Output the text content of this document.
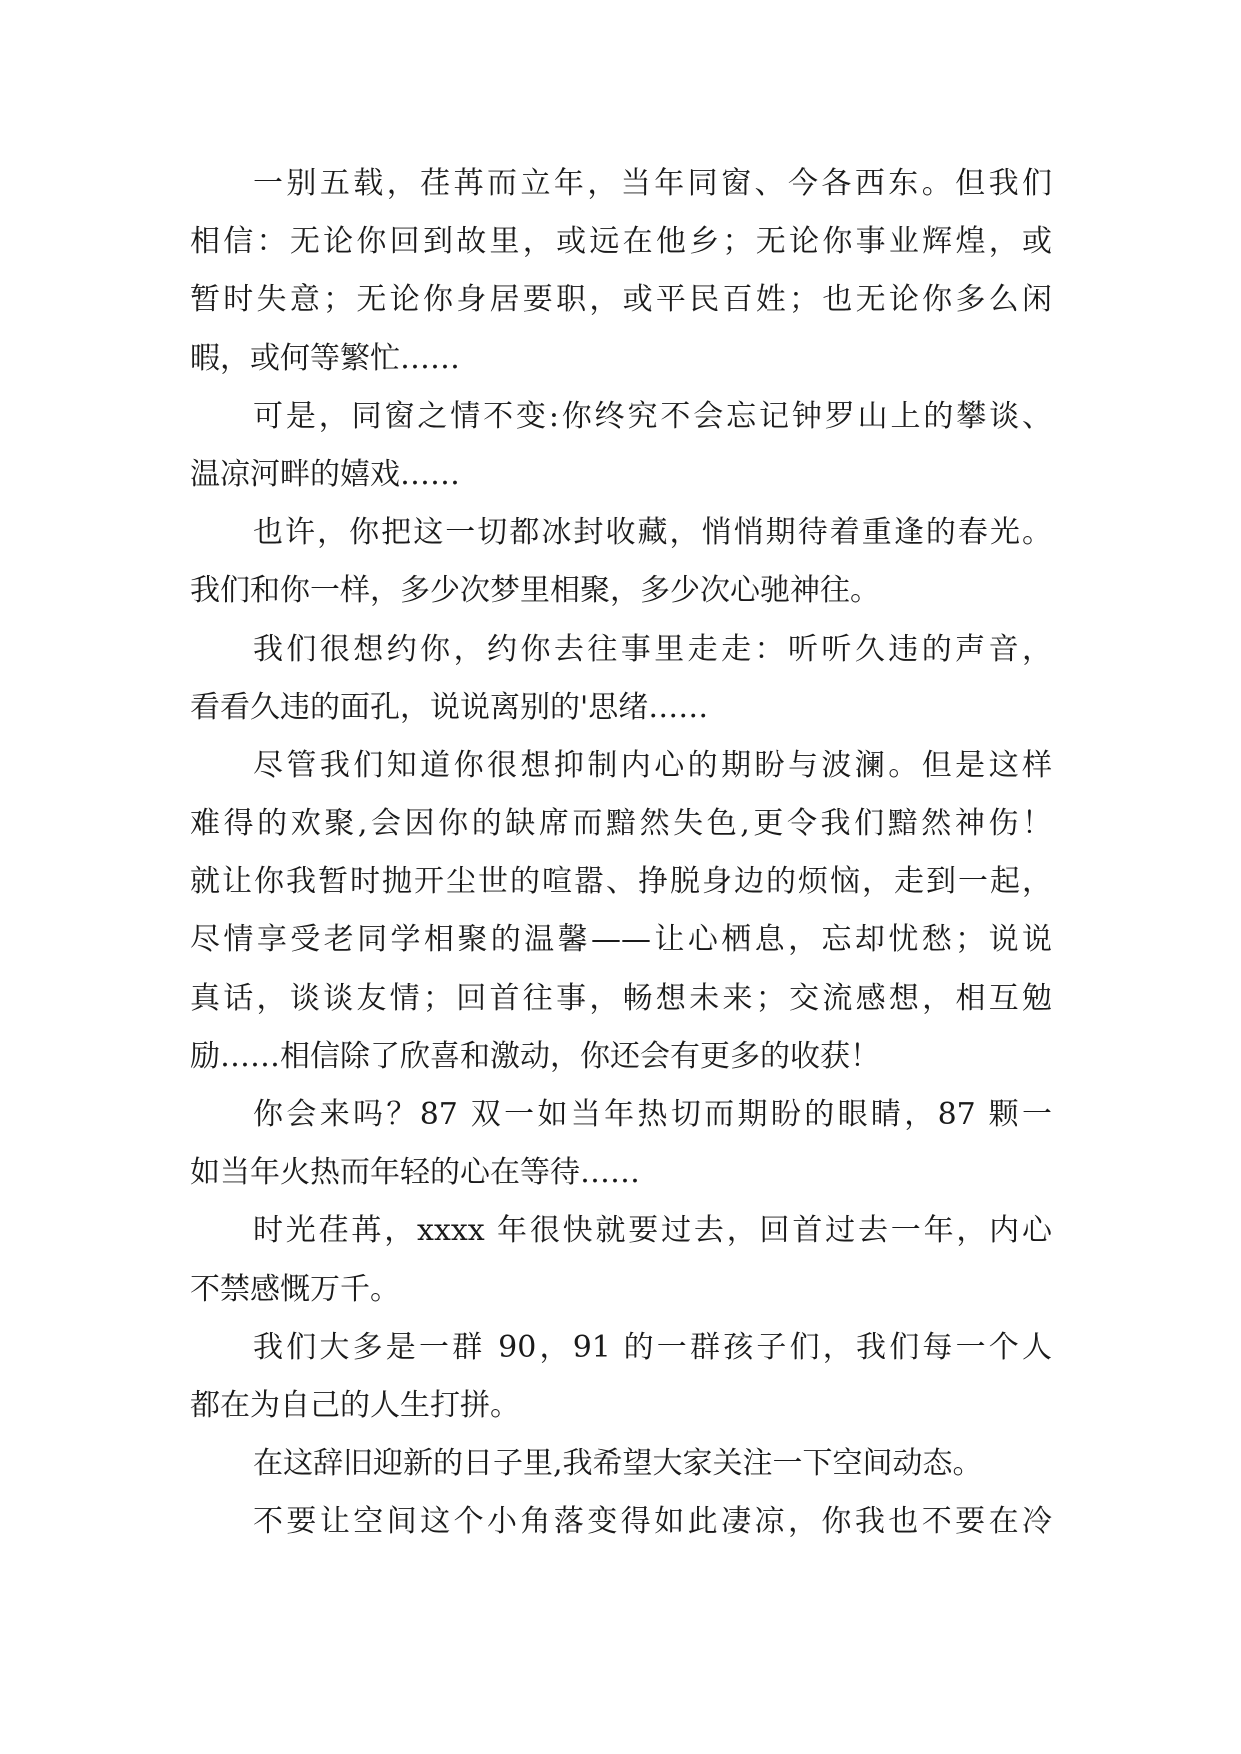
一别五载，荏苒而立年，当年同窗、今各西东。但我们
相信：无论你回到故里，或远在他乡；无论你事业辉煌，或
暂时失意；无论你身居要职，或平民百姓；也无论你多么闲
暇，或何等繁忙……
可是，同窗之情不变:你终究不会忘记钟罗山上的攀谈、
温凉河畔的嬉戏……
也许，你把这一切都冰封收藏，悄悄期待着重逢的春光。
我们和你一样，多少次梦里相聚，多少次心驰神往。
我们很想约你，约你去往事里走走：听听久违的声音，
看看久违的面孔，说说离别的'思绪……
尽管我们知道你很想抑制内心的期盼与波澜。但是这样
难得的欢聚,会因你的缺席而黯然失色,更令我们黯然神伤！
就让你我暂时抛开尘世的喧嚣、挣脱身边的烦恼，走到一起，
尽情享受老同学相聚的温馨——让心栖息，忘却忧愁；说说
真话，谈谈友情；回首往事，畅想未来；交流感想，相互勉
励……相信除了欣喜和激动，你还会有更多的收获！
你会来吗？87 双一如当年热切而期盼的眼睛，87 颗一
如当年火热而年轻的心在等待……
时光荏苒，xxxx 年很快就要过去，回首过去一年，内心
不禁感慨万千。
我们大多是一群 90，91 的一群孩子们，我们每一个人
都在为自己的人生打拼。
在这辞旧迎新的日子里,我希望大家关注一下空间动态。
不要让空间这个小角落变得如此凄凉，你我也不要在冷
